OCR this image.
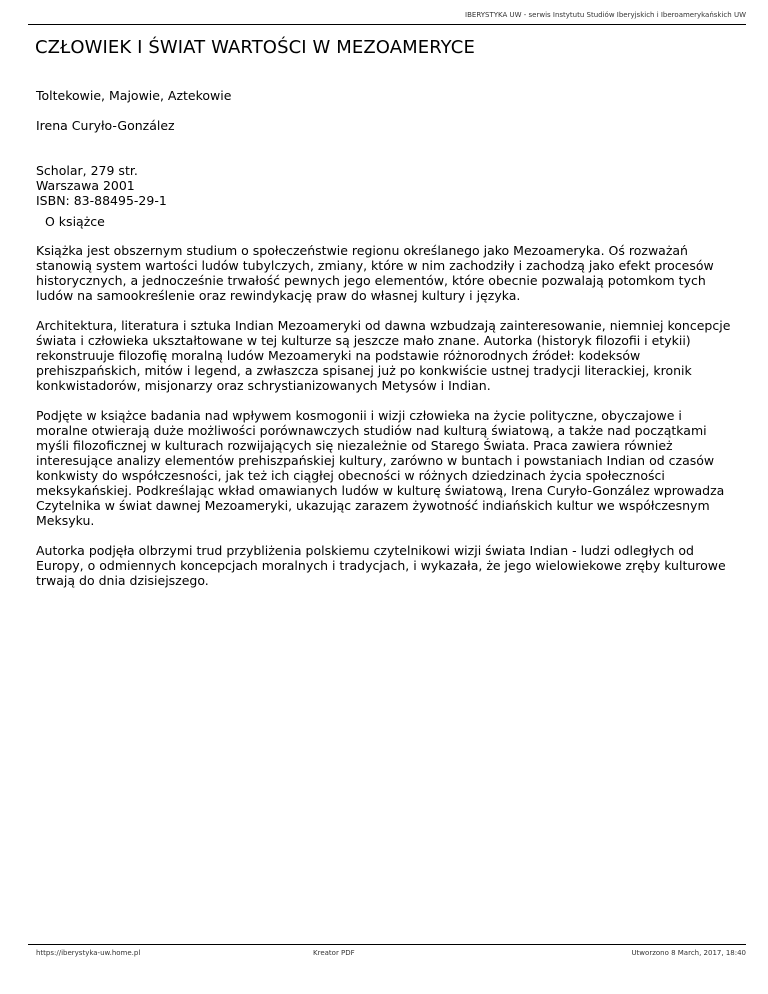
IBERYSTYKA UW - serwis Instytutu Studiów Iberyjskich i Iberoamerykańskich UW
CZŁOWIEK I ŚWIAT WARTOŚCI W MEZOAMERYCE

Toltekowie, Majowie, Aztekowie

Irena Curyło-González

Scholar, 279 str.

Warszawa 2001

ISBN: 83-88495-29-1

O książce

Książka jest obszernym studium o społeczeństwie regionu określanego jako Mezoameryka. Oś rozważań stanowią system wartości ludów tubylczych, zmiany, które w nim zachodziły i zachodzą jako efekt procesów historycznych, a jednocześnie trwałość pewnych jego elementów, które obecnie pozwalają potomkom tych ludów na samookreślenie oraz rewindykację praw do własnej kultury i języka.

Architektura, literatura i sztuka Indian Mezoameryki od dawna wzbudzają zainteresowanie, niemniej koncepcje świata i człowieka ukształtowane w tej kulturze są jeszcze mało znane. Autorka (historyk filozofii i etykii) rekonstruuje filozofię moralną ludów Mezoameryki na podstawie różnorodnych źródeł: kodeksów prehiszpańskich, mitów i legend, a zwłaszcza spisanej już po konkwiście ustnej tradycji literackiej, kronik konkwistadorów, misjonarzy oraz schrystianizowanych Metysów i Indian.

Podjęte w książce badania nad wpływem kosmogonii i wizji człowieka na życie polityczne, obyczajowe i moralne otwierają duże możliwości porównawczych studiów nad kulturą światową, a także nad początkami myśli filozoficznej w kulturach rozwijających się niezależnie od Starego Świata. Praca zawiera również interesujące analizy elementów prehiszpańskiej kultury, zarówno w buntach i powstaniach Indian od czasów konkwisty do współczesności, jak też ich ciągłej obecności w różnych dziedzinach życia społeczności meksykańskiej. Podkreślając wkład omawianych ludów w kulturę światową, Irena Curyło-González wprowadza Czytelnika w świat dawnej Mezoameryki, ukazując zarazem żywotność indiańskich kultur we współczesnym Meksyku.

Autorka podjęła olbrzymi trud przybliżenia polskiemu czytelnikowi wizji świata Indian - ludzi odległych od Europy, o odmiennych koncepcjach moralnych i tradycjach, i wykazała, że jego wielowiekowe zręby kulturowe trwają do dnia dzisiejszego.

https://iberystyka-uw.home.pl	Kreator PDF	Utworzono 8 March, 2017, 18:40
